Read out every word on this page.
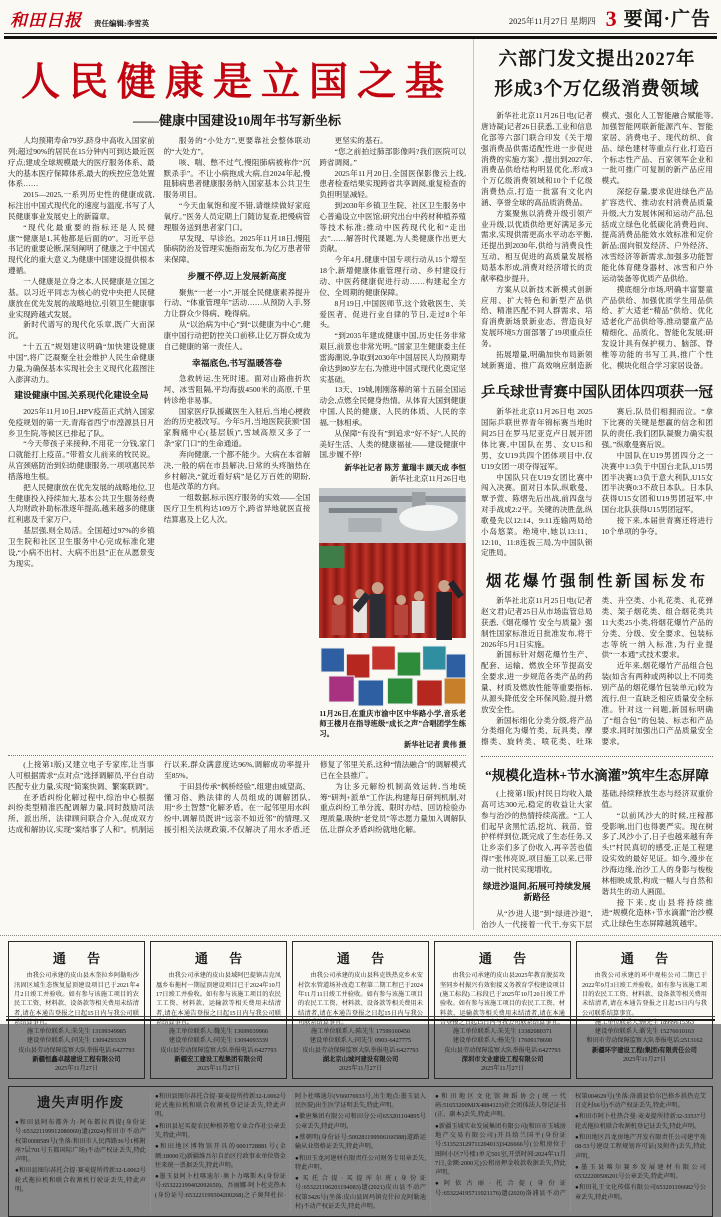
和田日报 责任编辑:李雪英	2025年11月27日 星期四 3 要闻·广告
人民健康是立国之基
——健康中国建设10周年书写新坐标

人均预期寿命79岁,跻身中高收入国家前列;超过90%的居民在15分钟内可到达最近医疗点;建成全球规模最大的医疗服务体系、最大的基本医疗保障体系,最大的疾控应急处置体系……

2015—2025,一系列历史性的健康成就,标注出中国式现代化的速度与温度,书写了人民健康事业发展史上的新篇章。

“现代化最重要的指标还是人民健康”“健康是1,其他都是后面的0”。习近平总书记的重要论断,深刻阐明了健康之于中国式现代化的重大意义,为健康中国建设提供根本遵循。

一人健康是立身之本,人民健康是立国之基。以习近平同志为核心的党中央把人民健康放在优先发展的战略地位,引领卫生健康事业实现跨越式发展。

新时代谱写的现代化乐章,既广大而深沉。

“十五五”规划建议明确“加快建设健康中国”,将广泛凝聚全社会维护人民生命健康力量,为确保基本实现社会主义现代化蓝图注入澎湃动力。

建设健康中国,关系现代化建设全局

2025年11月10日,HPV疫苗正式纳入国家免疫规划的第一天,青海省西宁市湟源县日月乡卫生院,等候区已排起了队。

“今天带孩子来接种,不用花一分钱,家门口就能打上疫苗。”带着女儿前来的牧民说。从宫颈癌防治到妇幼健康服务,一项项惠民举措落地生根。

把人民健康放在优先发展的战略地位,卫生健康投入持续加大,基本公共卫生服务经费人均财政补助标准逐年提高,越来越多的健康红利惠及千家万户。

基层强,则全局活。全国超过97%的乡镇卫生院和社区卫生服务中心完成标准化建设,“小病不出村、大病不出县”正在从愿景变为现实。

服务的“小处方”,更要靠社会整体联动的“大处方”。

咳、喘、憋不过气,慢阻肺病被称作“沉默杀手”。不让小病拖成大病,自2024年起,慢阻肺病患者健康服务纳入国家基本公共卫生服务项目。

“今天血氧饱和度不错,请继续做好家庭氧疗。”医务人员定期上门随访复查,把慢病管理服务送到患者家门口。

早发现、早诊治。2025年11月18日,慢阻肺病防治及管理实施指南发布,为亿万患者带来保障。

步履不停,迈上发展新高度

聚焦“一老一小”,开展全民健康素养提升行动、“体重管理年”活动……从预防入手,努力让群众少得病、晚得病。

从“以治病为中心”到“以健康为中心”,健康中国行动把防控关口前移,让亿万群众成为自己健康的第一责任人。

幸福底色,书写温暖答卷

急救转运,生死时速。面对山路曲折坎坷、冰雪阻隔,平均海拔4500米的高原,千里转诊绝非易事。

国家医疗队援藏医生入驻后,当地心梗救治的历史被改写。今年5月,当地医院获颁“国家胸痛中心(基层版)”,雪域高原又多了一条“家门口”的生命通道。

奔向健康,一个都不能少。大病在本省解决,一般的病在市县解决,日常的头疼脑热在乡村解决,“就近看好病”是亿万百姓的期盼,也是改革的方向。

一组数据,标示医疗服务的实效——全国医疗卫生机构达109万个,跨省异地就医直接结算惠及上亿人次。

更坚实的基石。

“您之前拍过肺部影像吗?我们医院可以跨省调阅。”

2025年11月20日,全国医保影像云上线,患者检查结果实现跨省共享调阅,重复检查的负担明显减轻。

到2030年乡镇卫生院、社区卫生服务中心普遍设立中医馆;研究出台中药材种植养殖等技术标准;推动中医药现代化和“走出去”……解答时代课题,为人类健康作出更大贡献。

今年4月,健康中国专项行动从15个增至18个,新增健康体重管理行动、乡村建设行动、中医药健康促进行动……构建起全方位、全周期的健康保障。

8月19日,中国医师节,这个致敬医生、关爱医者、促进行业自律的节日,走过8个年头。

“到2035年建成健康中国,历史任务非常艰巨,前景也非常光明。”国家卫生健康委主任雷海潮说,争取到2030年中国居民人均预期寿命达到80岁左右,为推进中国式现代化奠定坚实基础。

13天、19城,刚刚落幕的第十五届全国运动会,点燃全民健身热情。从体育大国到健康中国,人民的健康、人民的体质、人民的幸福,一脉相承。

从保障“有没有”到追求“好不好”,人民的美好生活、人类的健康福祉——建设健康中国,步履不停!

新华社记者 陈芳 董瑞丰 顾天成 李恒

新华社北京11月26日电

11月26日,在重庆市渝中区中华路小学,音乐老师王楼月在指导班级“成长之声”合唱团学生练习。
新华社记者 黄伟 摄

(上接第1版)又建立电子专家库,让当事人可根据需求“点对点”选择调解员,平台自动匹配专业力量,实现“简案快调、繁案联调”。

在矛盾纠纷化解过程中,综治中心根据纠纷类型精准匹配调解力量,同时鼓励司法所、派出所、法律顾问联合介入,促成双方达成和解协议,实现“案结事了人和”。机制运行以来,群众满意度达96%,调解成功率提升至85%。

于田县传承“枫桥经验”,组建由威望高、懂习俗、熟法律的人员组成的调解团队,用“乡土智慧”化解矛盾。在一起邻里用水纠纷中,调解员既讲“远亲不如近邻”的情理,又援引相关法规政策,不仅解决了用水矛盾,还修复了邻里关系,这种“情法融合”的调解模式已在全县推广。

为让多元解纷机制高效运转,当地统筹“研判+派单”工作法,构建每日研判机制,对重点纠纷工单分流、限时办结、回访检验办理质量,吸纳“老党员”等志愿力量加入调解队伍,让群众矛盾纠纷就地化解。

六部门发文提出2027年
形成3个万亿级消费领域

新华社北京11月26日电(记者 唐诗凝)记者26日获悉,工业和信息化部等六部门联合印发《关于增强消费品供需适配性进一步促进消费的实施方案》,提出到2027年,消费品供给结构明显优化,形成3个万亿级消费领域和10个千亿级消费热点,打造一批富有文化内涵、享誉全球的高品质消费品。

方案聚焦以消费升级引领产业升级,以优质供给更好满足多元需求,实现供需更高水平动态平衡,还提出到2030年,供给与消费良性互动、相互促进的高质量发展格局基本形成,消费对经济增长的贡献率稳步提升。

方案从以新技术新模式创新应用、扩大特色和新型产品供给、精准匹配不同人群需求、培育消费新场景新业态、营造良好发展环境5方面部署了19项重点任务。

拓展增量,明确加快布局新领域新赛道、推广高效响应制造新模式、强化人工智能融合赋能等,加强智能网联新能源汽车、智能家居、消费电子、现代纺织、食品、绿色建材等重点行业,打造百个标志性产品、百家领军企业和一批可推广可复制的新产品应用模式。

深挖存量,要求促进绿色产品扩容迭代、推动农村消费品质量升级,大力发展休闲和运动产品,包括成立绿色化低碳化消费趋向、提高消费品能效水效标准和定价新品;面向银发经济、户外经济、冰雪经济等新需求,加强多功能智能化体育健身器材、冰雪和户外运动装备等优质产品供给。

摸底细分市场,明确丰富婴童产品供给、加强优质学生用品供给、扩大适老“精品”供给、优化适老化产品供给等,推动婴童产品精细化、品质化、智能化发展;研发设计具有保护视力、脑部、脊椎等功能的书写工具,推广个性化、模块化组合学习家居设备。

乒乓球世青赛中国队团体四项获一冠

新华社北京11月26日电 2025国际乒联世界青年锦标赛当地时间25日在罗马尼亚克卢日展开团体比赛,中国队在男、女U15和男、女U19共四个团体项目中,仅U19女团一项夺得冠军。

中国队只在U19女团比赛中闯入决赛。面对日本队,纵歌曼、覃予萱、陈熠先后出战,前四盘与对手战成2:2平。关键的决胜盘,纵歌曼先以12:14、9:11连输两局给小岛悠菜。绝境中,她以13:11、12:10、11:8连扳三局,为中国队锁定胜局。

赛后,队员们相拥而泣。“拿下比赛的关键是想赢的信念和团队的责任,我们团队凝聚力确实很强。”纵歌曼赛后说。

中国队在U19男团四分之一决赛中1:3负于中国台北队,U15男团半决赛1:3负于意大利队,U15女团半决赛0:3不敌日本队。日本队获得U15女团和U19男团冠军,中国台北队获得U15男团冠军。

接下来,本届世青赛还将进行10个单项的争夺。

烟花爆竹强制性新国标发布

新华社北京11月25日电(记者 赵文君)记者25日从市场监管总局获悉,《烟花爆竹 安全与质量》强制性国家标准近日批准发布,将于2026年5月1日实施。

新国标针对烟花爆竹生产、配套、运输、燃放全环节提高安全要求,进一步规范各类产品的药量、材质及燃放性能等重要指标,从源头降低安全环保风险,提升燃放安全性。

新国标细化分类分级,将产品分类细化为爆竹类、玩具类、摩擦类、旋转类、喷花类、吐珠类、升空类、小礼花类、礼花弹类、架子烟花类、组合烟花类共11大类25小类,将烟花爆竹产品的分类、分级、安全要求、包装标志等统一纳入标准,为行业提供“一本通”式技术要求。

近年来,烟花爆竹产品组合包装(如含有两种或两种以上不同类别产品的烟花爆竹包装单元)较为流行,但一直缺乏相应质量安全标准。针对这一问题,新国标明确了“组合包”的包装、标志和产品要求,同时加强出口产品质量安全要求。

“规模化造林+节水滴灌”筑牢生态屏障

(上接第1版)村民日均收入最高可达300元,稳定的收益让大家参与治沙的热情持续高涨。“工人们起早贪黑忙活,挖坑、栽苗、管护样样到位,既完成了生态任务,又让乡亲们多了份收入,再辛苦也值得!”张伟亮说,项目施工以来,已带动一批村民实现增收。

绿进沙退间,拓展可持续发展新路径

从“沙进人退”到“绿进沙退”,治沙人一代接着一代干,夯实下层基础,持续释放生态与经济双重价值。

“以前风沙大的时候,庄稼都受影响,出门也得裹严实。现在树多了,风沙小了,日子也越来越有奔头!”村民真切的感受,正是工程建设实效的最好见证。如今,漫步在沙海边缘,治沙工人的身影与梭梭林相映成景,构成一幅人与自然和谐共生的动人画面。

接下来,皮山县将持续推进“规模化造林+节水滴灌”治沙模式,让绿色生态屏障越筑越牢。

通 告
由我公司承建的皮山县木奎拉乡阿勒吩沙汛固区域生态恢复屋顶建设项目已于2021年4月2日竣工并验收。如有参与该施工项目的农民工工资、材料款、设备款等相关费用未结清者,请在本通告登报之日起15日内与我公司联系结算事宜。
施工单位联系人:朱先生 13199349985
建设单位联系人:同先生 13094293339
皮山县劳动保障监察大队举报电话:6427793
新疆恒鑫卓越建设工程有限公司
2025年11月27日
通 告
由我公司承建的皮山县域阿巴提镇吉克凤凰乡布拖村一期屋顶建设项目已于2024年10月17日竣工并验收。如有参与该施工项目的农民工工资、材料款、运输款等相关费用未结清者,请在本通告登报之日起15日内与我公司联系结算事宜。
施工单位联系人:魏先生 13699039966
建设单位联系人:同先生 13094093339
皮山县劳动保障监察大队举报电话:6427793
新疆宏工建设工程集团有限公司
2025年11月27日
通 告
由我公司承建的皮山县科克铁热克乡永安村饮水管道场补改造工程第二期工程已于2024年11月11日竣工并验收。如有参与该施工项目的农民工工资、材料款、设备款等相关费用未结清者,请在本通告登报之日起15日内与我公司联系结算事宜。
施工单位联系人:陈先生 17599160456
建设单位联系人:同先生 0903-6427775
皮山县劳动保障监察大队举报电话:6427793
湖北京山城河建设有限公司
2025年11月27日
通 告
由我公司承建的皮山县2025年教育脱贫攻坚同乡村振兴有效衔接义务教育学校建设项目(施工标段)二标段已于2025年10月20日竣工并验收。如有参与该施工项目的农民工工资、材料款、运输款等相关费用未结清者,请在本通告登报之日起15日内与我公司联系结算事宜。
施工单位联系人:朱先生 13382080371
建设单位联系人:杨先生 17609178690
皮山县劳动保障监察大队举报电话:6427793
深圳市文业建设工程有限公司
2025年11月27日
通 告
由我公司承建的环中观桂公司二期已于2022年9月3日竣工并验收。如有参与该施工项目的农民工工资、材料款、设备款等相关费用未结清者,请在本通告登报之日起15日内与我公司联系结算事宜。
施工单位联系人:顾先生 18999615363
建设单位联系人:靳先生 15276010163
和田市劳动保障监察大队举报电话:2513162
新疆环宇建设工程(集团)有限责任公司
2025年11月27日
遗失声明作废

●和田县阿布都外力·阿布都拉西提(身份证号:653221199912080069)遗(2024)和田市不动产权第0008589号(坐落:和田市人民西路36号1栋附座7层701号玉都国际广场)不动产权证丢失,特此声明。

●和田县图尔荪托合提·赛麦提所持新32-L0062号轮式拖拉机和联合收割机行驶证丢失,特此声明。

●和田县图尔荪托合提·赛麦提所持新32-L0062号轮式拖拉机和联合收割机登记证丢失,特此声明。

●和田县尼买提农民种植养殖专业合作社公章丢失,特此声明。

●和田地区博物馆开具的0001728881号(金额:18000元)新疆维吾尔自治区行政事业单位资金往来统一票据丢失,特此声明。

●墨玉县阿卜杜喀迪尔·奥卜力喀斯木(身份证号:653222199402092650)、吾丽娜·阿卜杜克热木(身份证号:653221199304200268)之子奥拜杜拉·阿卜杜喀迪尔(V66076933号,出生地点:墨玉县人民医院)出生医学证明丢失,特此声明。

●徽唐集团有限公司和田分公司653201104895号公章丢失,特此声明。

●蔡朝明(身份证号:500281199906166588)道路运输从业资格证丢失,特此声明。

●和田玉龙河建材有限责任公司财务专用章丢失,特此声明。

●买托合提·买提库尔班(身份证号:653221196201194083)遗(2021)皮山县不动产权第3426号(坐落:皮山县固玛镇克什拉克阿勒迪村)不动产权证丢失,特此声明。

●和田地区文化馆舞蹈协会(统一代码:51653200MJX4884123)社会团体法人登记证书(正、副本)丢失,特此声明。

●新疆玉城实业发展集团有限公司(和田市玉城房地产交易有限公司)开具给兰国平(身份证号:513523129711204013)3426666号(公租房位于图阿小区7号楼1单元501室,开票时间:2024年11月7日,金额:2000元)公租房押金收款收据丢失,特此声明。

●阿依古丽·托合提(身份证号:653224195711021176)遗(2020)洛浦县不动产权第004629号(坐落:洛浦县恰尔巴格乡拱热克艾日克村66号)不动产权证丢失,特此声明。

●和田市阿卜杜热合曼·麦麦提所持新32-33537号轮式拖拉机联合收割机登记证丢失,特此声明。

●和田地区昌龙房地产开发有限责任公司建宇苑08-53号建设工程规划许可证(及附件)丢失,特此声明。

●墨玉县喀尔赛乡发展建材有限公司65322200506201号公章丢失,特此声明。

●和田礼王文化传媒有限公司653201106682号公章丢失,特此声明。
